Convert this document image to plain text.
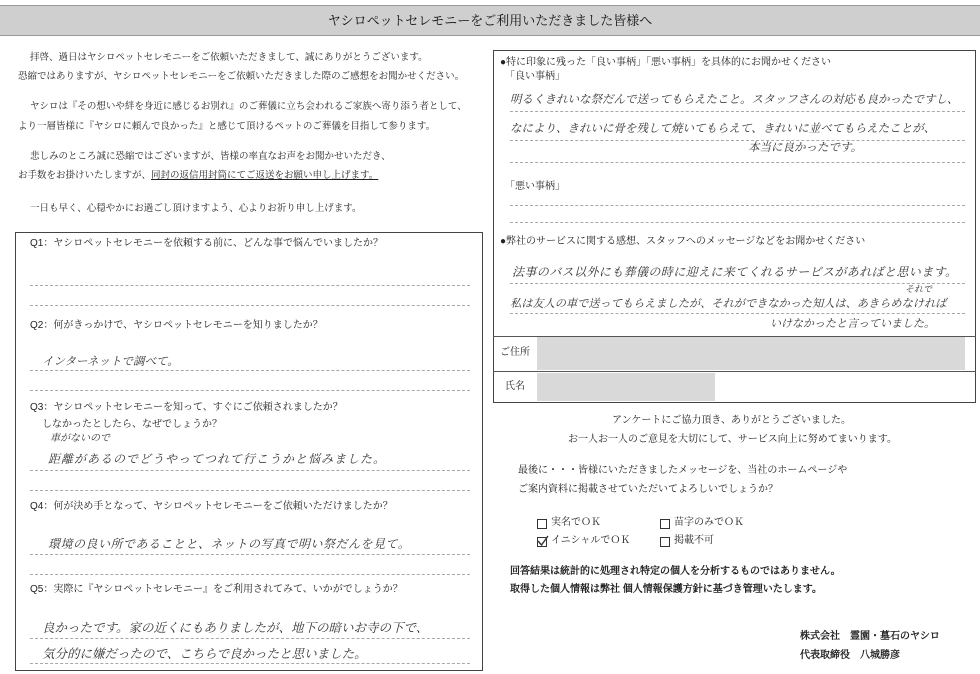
ヤシロペットセレモニーをご利用いただきました皆様へ
拝啓、過日はヤシロペットセレモニーをご依頼いただきまして、誠にありがとうございます。
恐縮ではありますが、ヤシロペットセレモニーをご依頼いただきました際のご感想をお聞かせください。
ヤシロは『その想いや絆を身近に感じるお別れ』のご葬儀に立ち会われるご家族へ寄り添う者として、
より一層皆様に『ヤシロに頼んで良かった』と感じて頂けるペットのご葬儀を目指して参ります。
悲しみのところ誠に恐縮ではございますが、皆様の率直なお声をお聞かせいただき、
お手数をお掛けいたしますが、同封の返信用封筒にてご返送をお願い申し上げます。
一日も早く、心穏やかにお過ごし頂けますよう、心よりお祈り申し上げます。
Q1：ヤシロペットセレモニーを依頼する前に、どんな事で悩んでいましたか？
Q2：何がきっかけで、ヤシロペットセレモニーを知りましたか？
インターネットで調べて。
Q3：ヤシロペットセレモニーを知って、すぐにご依頼されましたか？
しなかったとしたら、なぜでしょうか？
車がないので
距離があるのでどうやってつれて行こうかと悩みました。
Q4：何が決め手となって、ヤシロペットセレモニーをご依頼いただけましたか？
環境の良い所であることと、ネットの写真で明い祭だんを見て。
Q5：実際に『ヤシロペットセレモニー』をご利用されてみて、いかがでしょうか？
良かったです。家の近くにもありましたが、地下の暗いお寺の下で、
気分的に嫌だったので、こちらで良かったと思いました。
●特に印象に残った「良い事柄」「悪い事柄」を具体的にお聞かせください
「良い事柄」
明るくきれいな祭だんで送ってもらえたこと。スタッフさんの対応も良かったですし、
なにより、きれいに骨を残して焼いてもらえて、きれいに並べてもらえたことが、
本当に良かったです。
「悪い事柄」
●弊社のサービスに関する感想、スタッフへのメッセージなどをお聞かせください
法事のバス以外にも葬儀の時に迎えに来てくれるサービスがあればと思います。
それで
私は友人の車で送ってもらえましたが、それができなかった知人は、あきらめなければ
いけなかったと言っていました。
ご住所
氏名
アンケートにご協力頂き、ありがとうございました。
お一人お一人のご意見を大切にして、サービス向上に努めてまいります。
最後に・・・皆様にいただきましたメッセージを、当社のホームページや
ご案内資料に掲載させていただいてよろしいでしょうか？
実名でＯＫ	苗字のみでＯＫ
イニシャルでＯＫ	掲載不可
回答結果は統計的に処理され特定の個人を分析するものではありません。
取得した個人情報は弊社 個人情報保護方針に基づき管理いたします。
株式会社　霊園・墓石のヤシロ
代表取締役　八城勝彦
